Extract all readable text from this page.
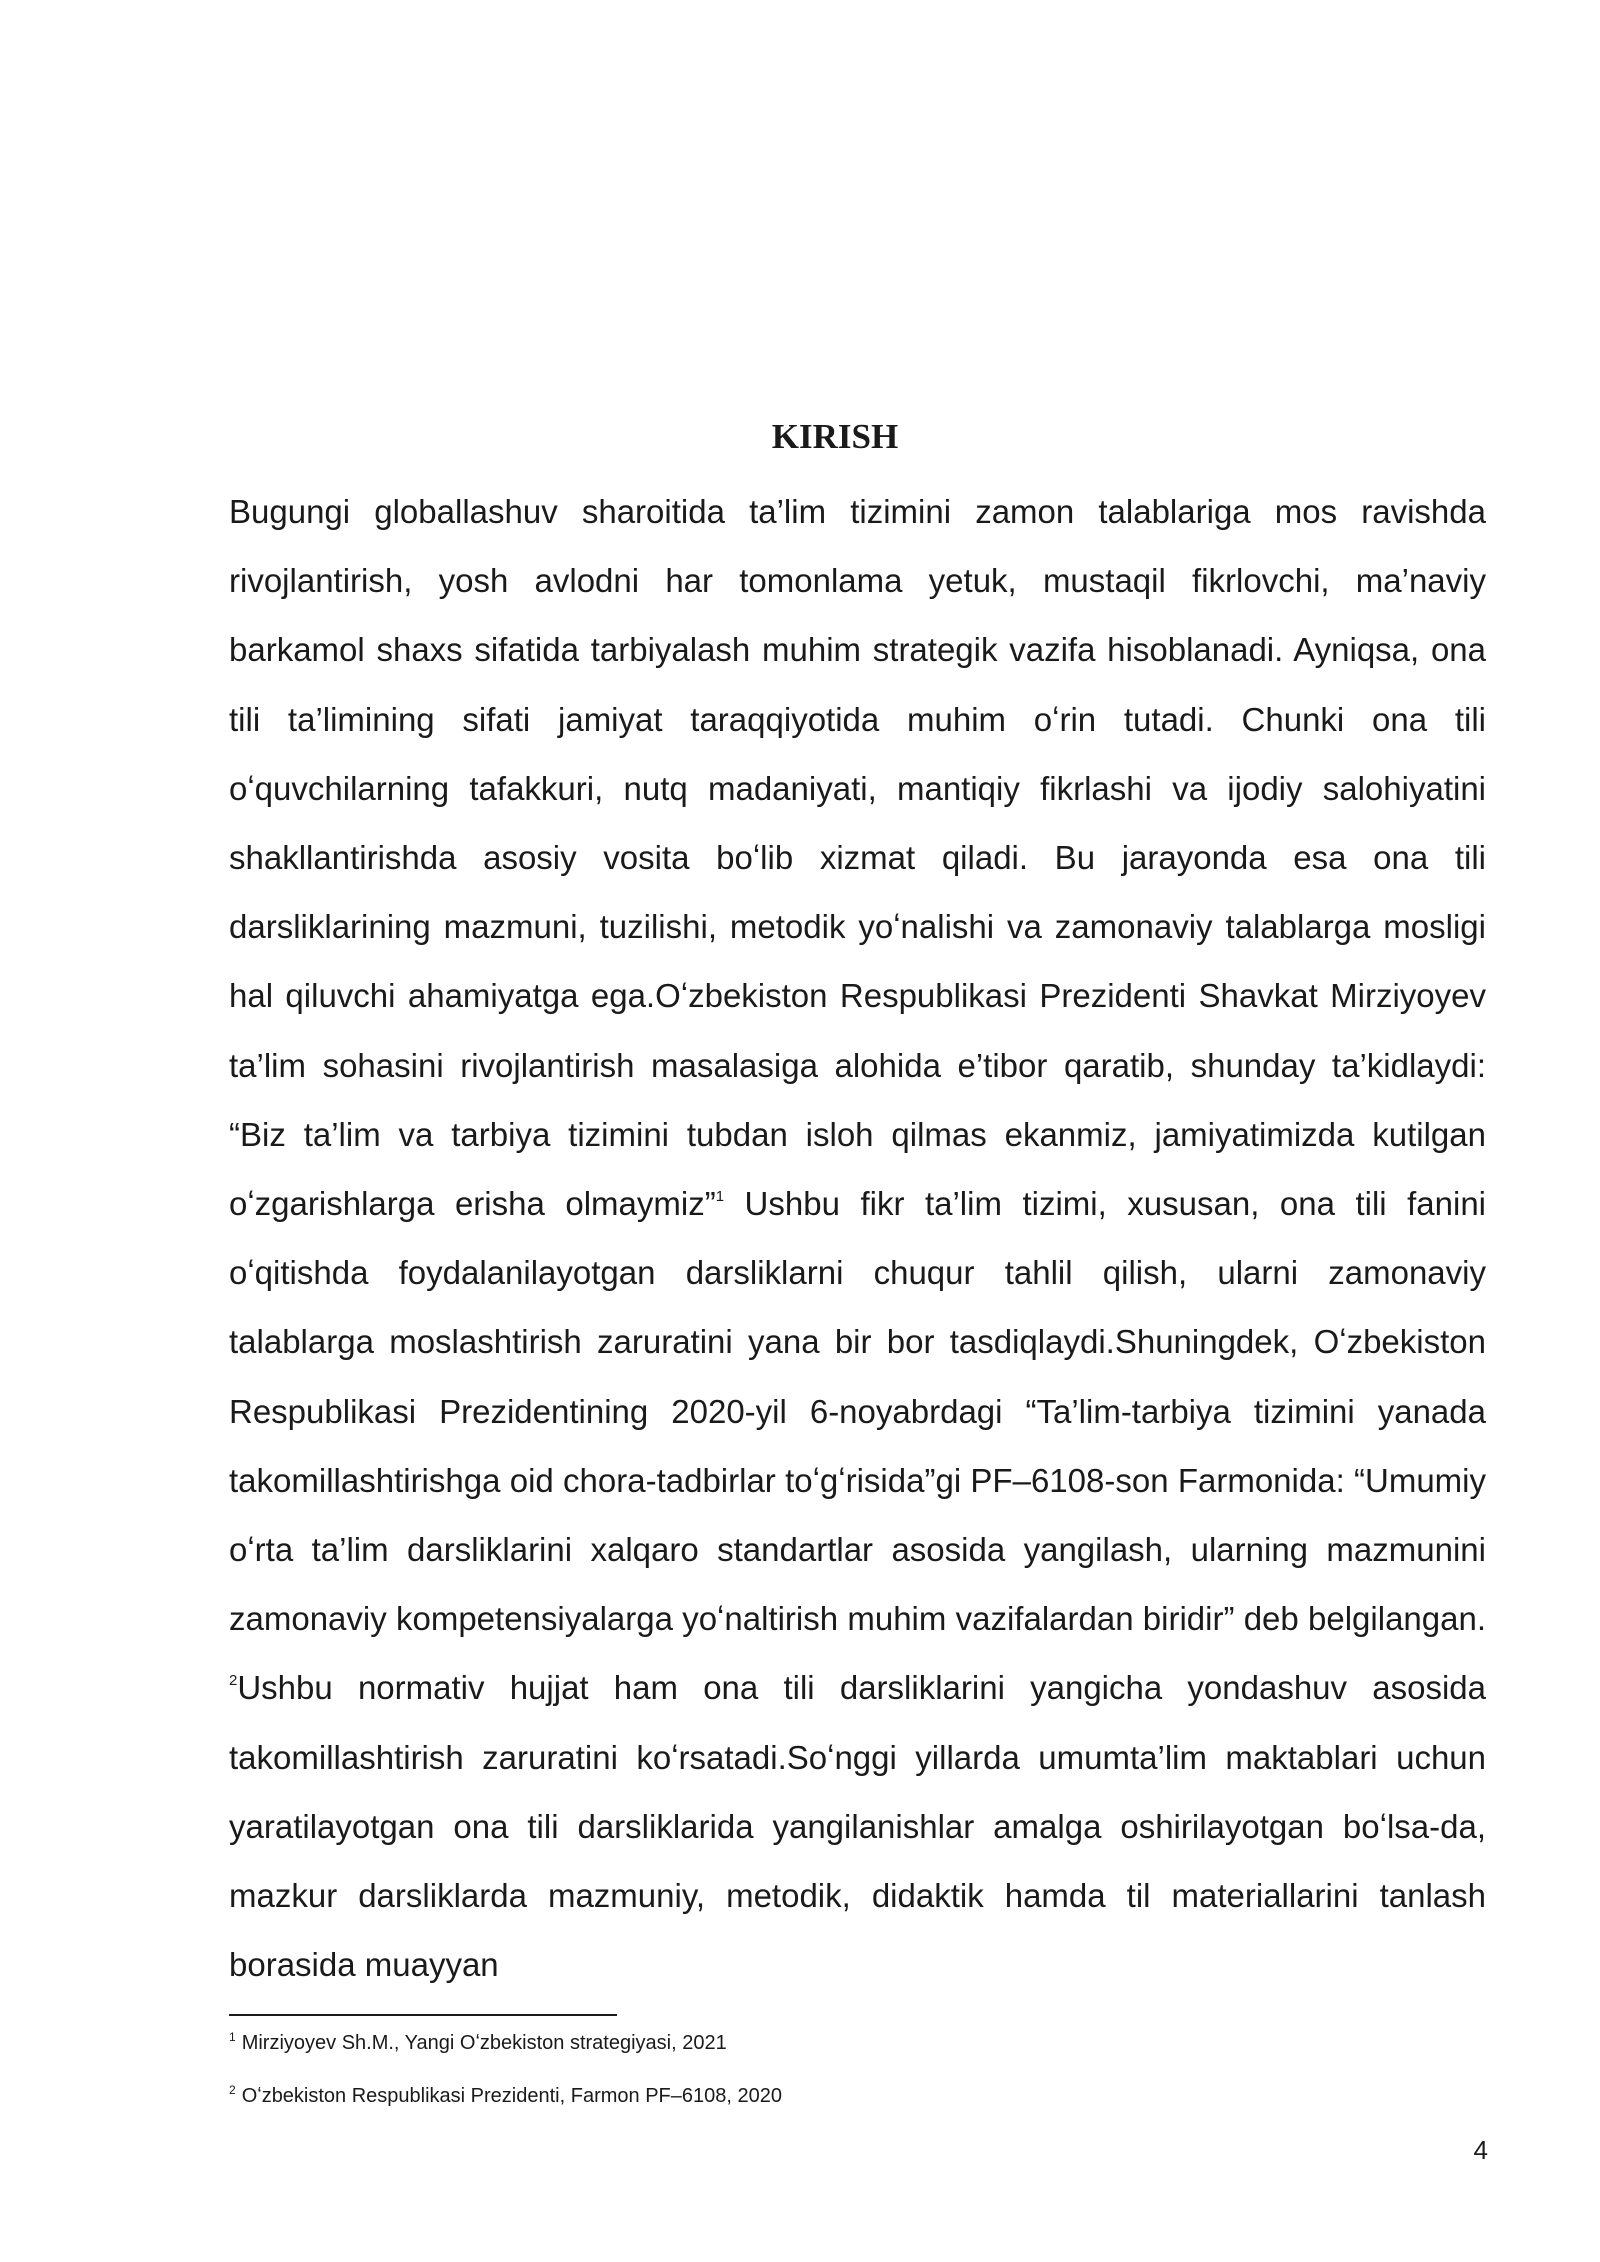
KIRISH

Bugungi globallashuv sharoitida ta’lim tizimini zamon talablariga mos ravishda rivojlantirish, yosh avlodni har tomonlama yetuk, mustaqil fikrlovchi, ma’naviy barkamol shaxs sifatida tarbiyalash muhim strategik vazifa hisoblanadi. Ayniqsa, ona tili ta’limining sifati jamiyat taraqqiyotida muhim oʻrin tutadi. Chunki ona tili oʻquvchilarning tafakkuri, nutq madaniyati, mantiqiy fikrlashi va ijodiy salohiyatini shakllantirishda asosiy vosita boʻlib xizmat qiladi. Bu jarayonda esa ona tili darsliklarining mazmuni, tuzilishi, metodik yoʻnalishi va zamonaviy talablarga mosligi hal qiluvchi ahamiyatga ega.Oʻzbekiston Respublikasi Prezidenti Shavkat Mirziyoyev ta’lim sohasini rivojlantirish masalasiga alohida e’tibor qaratib, shunday ta’kidlaydi: “Biz ta’lim va tarbiya tizimini tubdan isloh qilmas ekanmiz, jamiyatimizda kutilgan oʻzgarishlarga erisha olmaymiz”$^1$ Ushbu fikr ta’lim tizimi, xususan, ona tili fanini oʻqitishda foydalanilayotgan darsliklarni chuqur tahlil qilish, ularni zamonaviy talablarga moslashtirish zaruratini yana bir bor tasdiqlaydi.Shuningdek, Oʻzbekiston Respublikasi Prezidentining 2020-yil 6-noyabrdagi “Ta’lim-tarbiya tizimini yanada takomillashtirishga oid chora-tadbirlar toʻgʻrisida”gi PF–6108-son Farmonida: “Umumiy oʻrta ta’lim darsliklarini xalqaro standartlar asosida yangilash, ularning mazmunini zamonaviy kompetensiyalarga yoʻnaltirish muhim vazifalardan biridir” deb belgilangan. $^2$Ushbu normativ hujjat ham ona tili darsliklarini yangicha yondashuv asosida takomillashtirish zaruratini koʻrsatadi.Soʻnggi yillarda umumta’lim maktablari uchun yaratilayotgan ona tili darsliklarida yangilanishlar amalga oshirilayotgan boʻlsa-da, mazkur darsliklarda mazmuniy, metodik, didaktik hamda til materiallarini tanlash borasida muayyan

$^1$ Mirziyoyev Sh.M., Yangi Oʻzbekiston strategiyasi, 2021
$^2$ Oʻzbekiston Respublikasi Prezidenti, Farmon PF–6108, 2020
4
